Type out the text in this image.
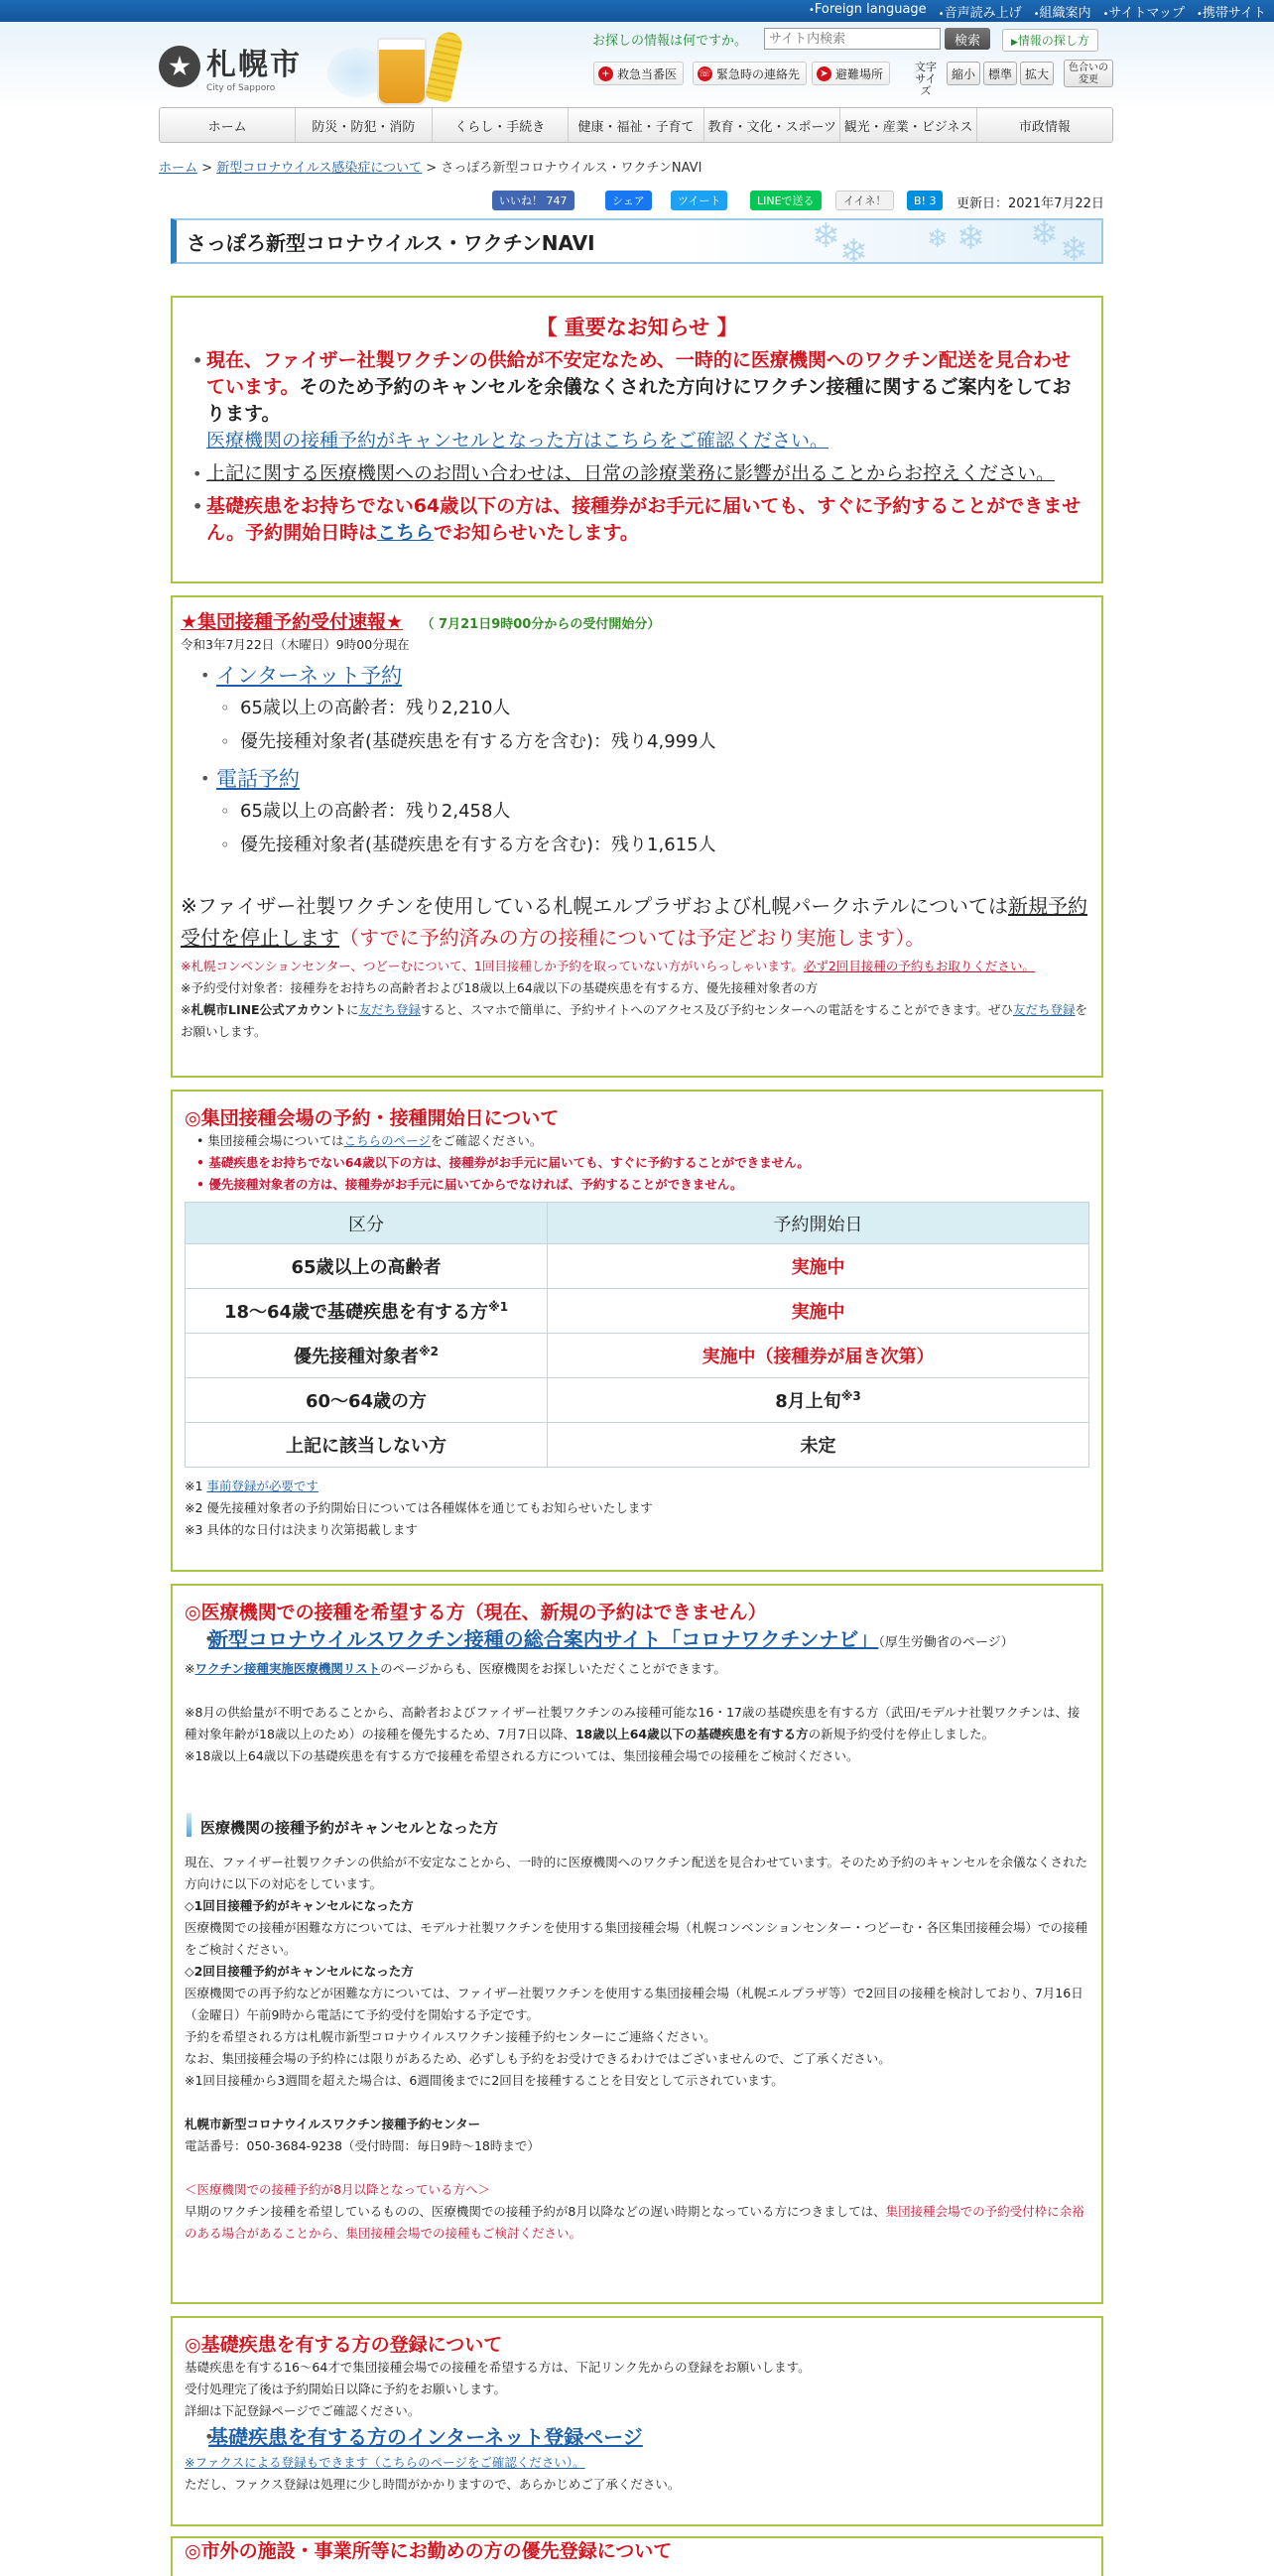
• Foreign language	• 音声読み上げ	• 組織案内	• サイトマップ	• 携帯サイト
札幌市
City of Sapporo
お探しの情報は何ですか。
サイト内検索	検索	▶ 情報の探し方
+ 救急当番医 ☏ 緊急時の連絡先	➤ 避難場所	文字サイズ
縮小	標準	拡大	色合いの変更
ホーム	防災・防犯・消防	くらし・手続き	健康・福祉・子育て	教育・文化・スポーツ 観光・産業・ビジネス	市政情報
ホーム > 新型コロナウイルス感染症について > さっぽろ新型コロナウイルス・ワクチンNAVI
いいね！ 747	シェア	ツイート	LINEで送る	イイネ！	B! 3	更新日：2021年7月22日
さっぽろ新型コロナウイルス・ワクチンNAVI	❄ ❄ ❄ ❄ ❄ ❄
【 重要なお知らせ 】
• 現在、ファイザー社製ワクチンの供給が不安定なため、一時的に医療機関へのワクチン配送を見合わせています。そのため予約のキャンセルを余儀なくされた方向けにワクチン接種に関するご案内をしております。
医療機関の接種予約がキャンセルとなった方はこちらをご確認ください。
• 上記に関する医療機関へのお問い合わせは、日常の診療業務に影響が出ることからお控えください。
• 基礎疾患をお持ちでない64歳以下の方は、接種券がお手元に届いても、すぐに予約することができません。予約開始日時はこちらでお知らせいたします。
★集団接種予約受付速報★ （ 7月21日9時00分からの受付開始分）
令和3年7月22日（木曜日）9時00分現在
• インターネット予約
◦ 65歳以上の高齢者：残り2,210人
◦ 優先接種対象者(基礎疾患を有する方を含む)：残り4,999人
• 電話予約
◦ 65歳以上の高齢者：残り2,458人
◦ 優先接種対象者(基礎疾患を有する方を含む)：残り1,615人
※ファイザー社製ワクチンを使用している札幌エルプラザおよび札幌パークホテルについては新規予約受付を停止します（すでに予約済みの方の接種については予定どおり実施します）。
※札幌コンベンションセンター、つどーむについて、1回目接種しか予約を取っていない方がいらっしゃいます。必ず2回目接種の予約もお取りください。
※予約受付対象者：接種券をお持ちの高齢者および18歳以上64歳以下の基礎疾患を有する方、優先接種対象者の方
※札幌市LINE公式アカウントに友だち登録すると、スマホで簡単に、予約サイトへのアクセス及び予約センターへの電話をすることができます。ぜひ友だち登録をお願いします。
◎集団接種会場の予約・接種開始日について
• 集団接種会場についてはこちらのページをご確認ください。
• 基礎疾患をお持ちでない64歳以下の方は、接種券がお手元に届いても、すぐに予約することができません。
• 優先接種対象者の方は、接種券がお手元に届いてからでなければ、予約することができません。
区分	予約開始日
65歳以上の高齢者	実施中
18～64歳で基礎疾患を有する方$^{※1}$	実施中
優先接種対象者$^{※2}$	実施中（接種券が届き次第）
60～64歳の方	8月上旬$^{※3}$
上記に該当しない方	未定
※1 事前登録が必要です
※2 優先接種対象者の予約開始日については各種媒体を通じてもお知らせいたします
※3 具体的な日付は決まり次第掲載します
◎医療機関での接種を希望する方（現在、新規の予約はできません）
• 新型コロナウイルスワクチン接種の総合案内サイト「コロナワクチンナビ」（厚生労働省のページ）
※ワクチン接種実施医療機関リストのページからも、医療機関をお探しいただくことができます。
※8月の供給量が不明であることから、高齢者およびファイザー社製ワクチンのみ接種可能な16・17歳の基礎疾患を有する方（武田/モデルナ社製ワクチンは、接種対象年齢が18歳以上のため）の接種を優先するため、7月7日以降、18歳以上64歳以下の基礎疾患を有する方の新規予約受付を停止しました。
※18歳以上64歳以下の基礎疾患を有する方で接種を希望される方については、集団接種会場での接種をご検討ください。
医療機関の接種予約がキャンセルとなった方
現在、ファイザー社製ワクチンの供給が不安定なことから、一時的に医療機関へのワクチン配送を見合わせています。そのため予約のキャンセルを余儀なくされた方向けに以下の対応をしています。
◇1回目接種予約がキャンセルになった方
医療機関での接種が困難な方については、モデルナ社製ワクチンを使用する集団接種会場（札幌コンベンションセンター・つどーむ・各区集団接種会場）での接種をご検討ください。
◇2回目接種予約がキャンセルになった方
医療機関での再予約などが困難な方については、ファイザー社製ワクチンを使用する集団接種会場（札幌エルプラザ等）で2回目の接種を検討しており、7月16日（金曜日）午前9時から電話にて予約受付を開始する予定です。
予約を希望される方は札幌市新型コロナウイルスワクチン接種予約センターにご連絡ください。
なお、集団接種会場の予約枠には限りがあるため、必ずしも予約をお受けできるわけではございませんので、ご了承ください。
※1回目接種から3週間を超えた場合は、6週間後までに2回目を接種することを目安として示されています。
札幌市新型コロナウイルスワクチン接種予約センター
電話番号：050-3684-9238（受付時間：毎日9時～18時まで）
＜医療機関での接種予約が8月以降となっている方へ＞
早期のワクチン接種を希望しているものの、医療機関での接種予約が8月以降などの遅い時期となっている方につきましては、集団接種会場での予約受付枠に余裕のある場合があることから、集団接種会場での接種もご検討ください。
◎基礎疾患を有する方の登録について
基礎疾患を有する16～64才で集団接種会場での接種を希望する方は、下記リンク先からの登録をお願いします。
受付処理完了後は予約開始日以降に予約をお願いします。
詳細は下記登録ページでご確認ください。
• 基礎疾患を有する方のインターネット登録ページ
※ファクスによる登録もできます（こちらのページをご確認ください）。
ただし、ファクス登録は処理に少し時間がかかりますので、あらかじめご了承ください。
◎市外の施設・事業所等にお勤めの方の優先登録について
